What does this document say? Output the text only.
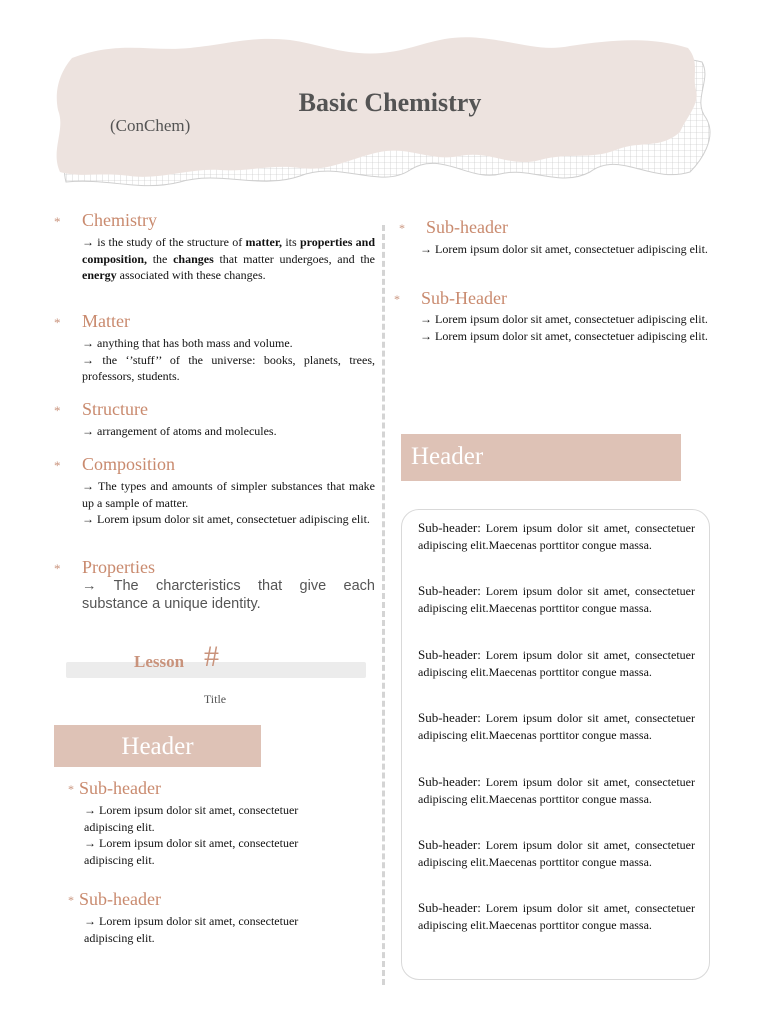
Basic Chemistry
(ConChem)
* Chemistry

→ is the study of the structure of matter, its properties and composition, the changes that matter undergoes, and the energy associated with these changes.

* Matter

→ anything that has both mass and volume.

→ the ‘’stuff’’ of the universe: books, planets, trees, professors, students.

* Structure

→ arrangement of atoms and molecules.

* Composition

→ The types and amounts of simpler substances that make up a sample of matter.

→ Lorem ipsum dolor sit amet, consectetuer adipiscing elit.

* Properties

→ The charcteristics that give each substance a unique identity.

Lesson #
Title
Header
* Sub-header

→ Lorem ipsum dolor sit amet, consectetuer adipiscing elit.

→ Lorem ipsum dolor sit amet, consectetuer adipiscing elit.

* Sub-header

→ Lorem ipsum dolor sit amet, consectetuer adipiscing elit.

* Sub-header

→ Lorem ipsum dolor sit amet, consectetuer adipiscing elit.

* Sub-Header

→ Lorem ipsum dolor sit amet, consectetuer adipiscing elit.

→ Lorem ipsum dolor sit amet, consectetuer adipiscing elit.

Header
Sub-header: Lorem ipsum dolor sit amet, consectetuer adipiscing elit.Maecenas porttitor congue massa.
Sub-header: Lorem ipsum dolor sit amet, consectetuer adipiscing elit.Maecenas porttitor congue massa.
Sub-header: Lorem ipsum dolor sit amet, consectetuer adipiscing elit.Maecenas porttitor congue massa.
Sub-header: Lorem ipsum dolor sit amet, consectetuer adipiscing elit.Maecenas porttitor congue massa.
Sub-header: Lorem ipsum dolor sit amet, consectetuer adipiscing elit.Maecenas porttitor congue massa.
Sub-header: Lorem ipsum dolor sit amet, consectetuer adipiscing elit.Maecenas porttitor congue massa.
Sub-header: Lorem ipsum dolor sit amet, consectetuer adipiscing elit.Maecenas porttitor congue massa.
